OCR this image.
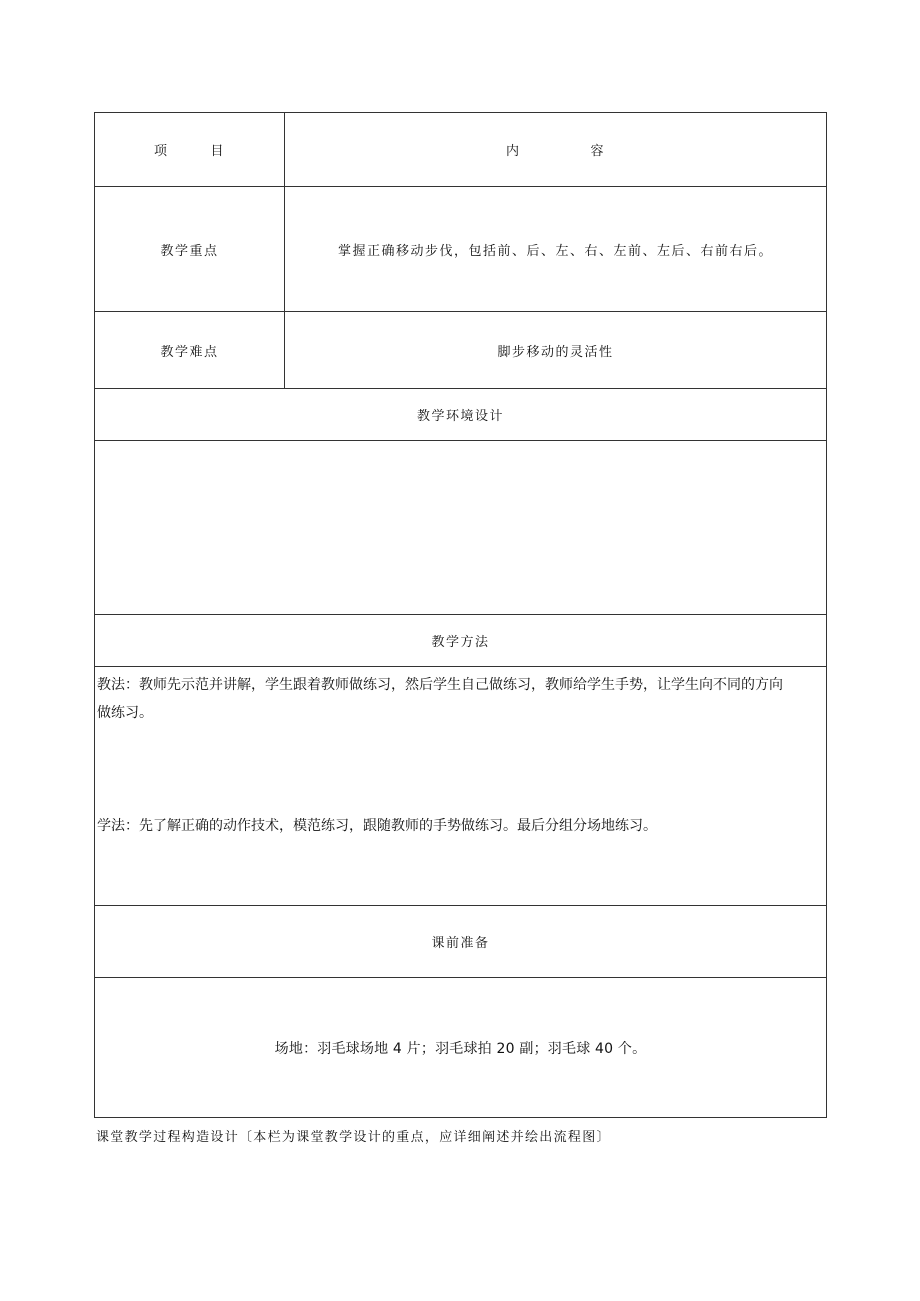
项 目	内 容
教学重点	掌握正确移动步伐，包括前、后、左、右、左前、左后、右前右后。
教学难点	脚步移动的灵活性
教学环境设计	

教学方法	

教法：教师先示范并讲解，学生跟着教师做练习，然后学生自己做练习，教师给学生手势，让学生向不同的方向
做练习。
学法：先了解正确的动作技术，模范练习，跟随教师的手势做练习。最后分组分场地练习。	

课前准备	
场地：羽毛球场地 4 片；羽毛球拍 20 副；羽毛球 40 个。	
课堂教学过程构造设计〔本栏为课堂教学设计的重点，应详细阐述并绘出流程图〕
